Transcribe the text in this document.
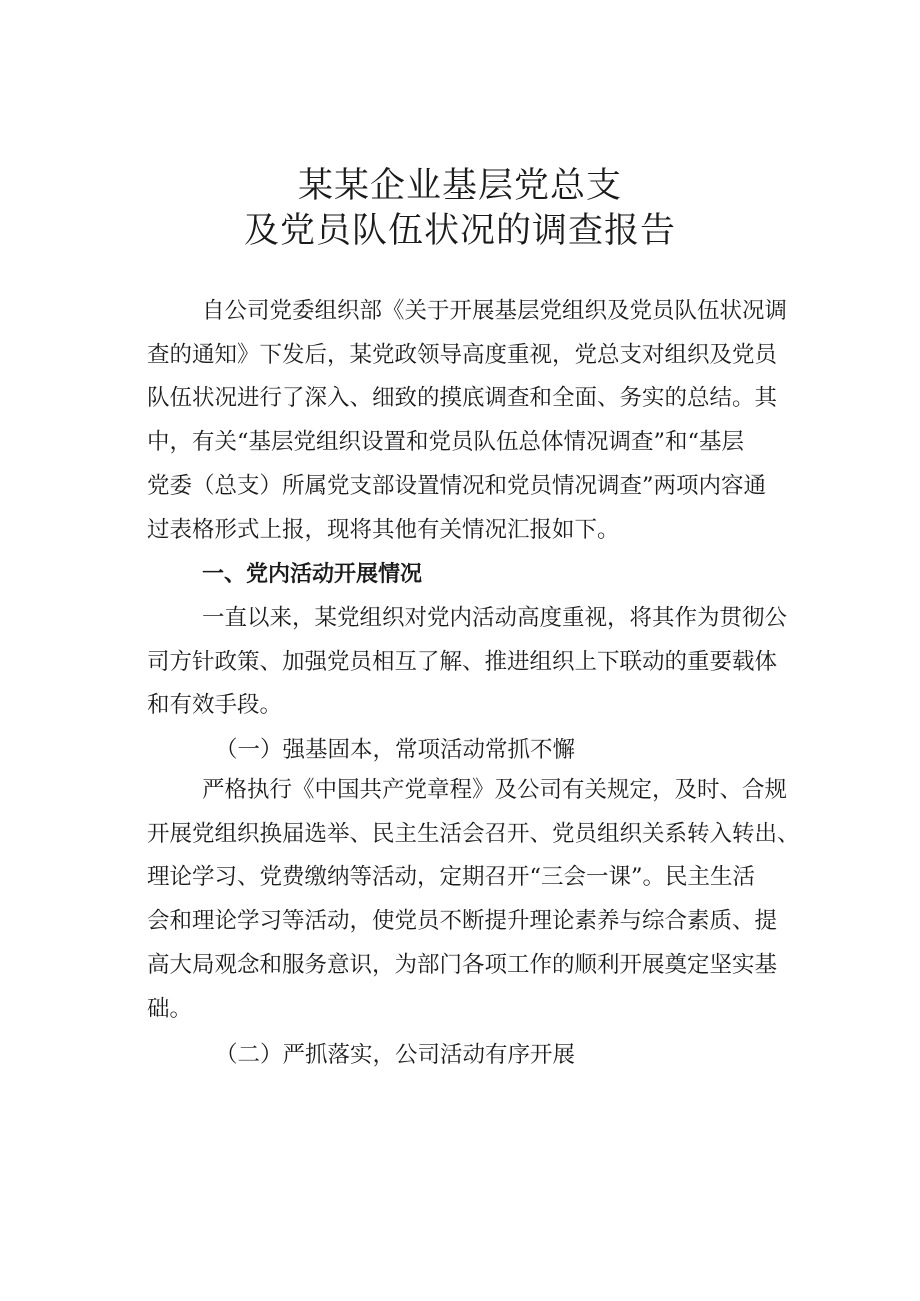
某某企业基层党总支
及党员队伍状况的调查报告
自公司党委组织部《关于开展基层党组织及党员队伍状况调
查的通知》下发后，某党政领导高度重视，党总支对组织及党员
队伍状况进行了深入、细致的摸底调查和全面、务实的总结。其
中，有关“基层党组织设置和党员队伍总体情况调查”和“基层
党委（总支）所属党支部设置情况和党员情况调查”两项内容通
过表格形式上报，现将其他有关情况汇报如下。
一、党内活动开展情况
一直以来，某党组织对党内活动高度重视，将其作为贯彻公
司方针政策、加强党员相互了解、推进组织上下联动的重要载体
和有效手段。
（一）强基固本，常项活动常抓不懈
严格执行《中国共产党章程》及公司有关规定，及时、合规
开展党组织换届选举、民主生活会召开、党员组织关系转入转出、
理论学习、党费缴纳等活动，定期召开“三会一课”。民主生活
会和理论学习等活动，使党员不断提升理论素养与综合素质、提
高大局观念和服务意识，为部门各项工作的顺利开展奠定坚实基
础。
（二）严抓落实，公司活动有序开展
